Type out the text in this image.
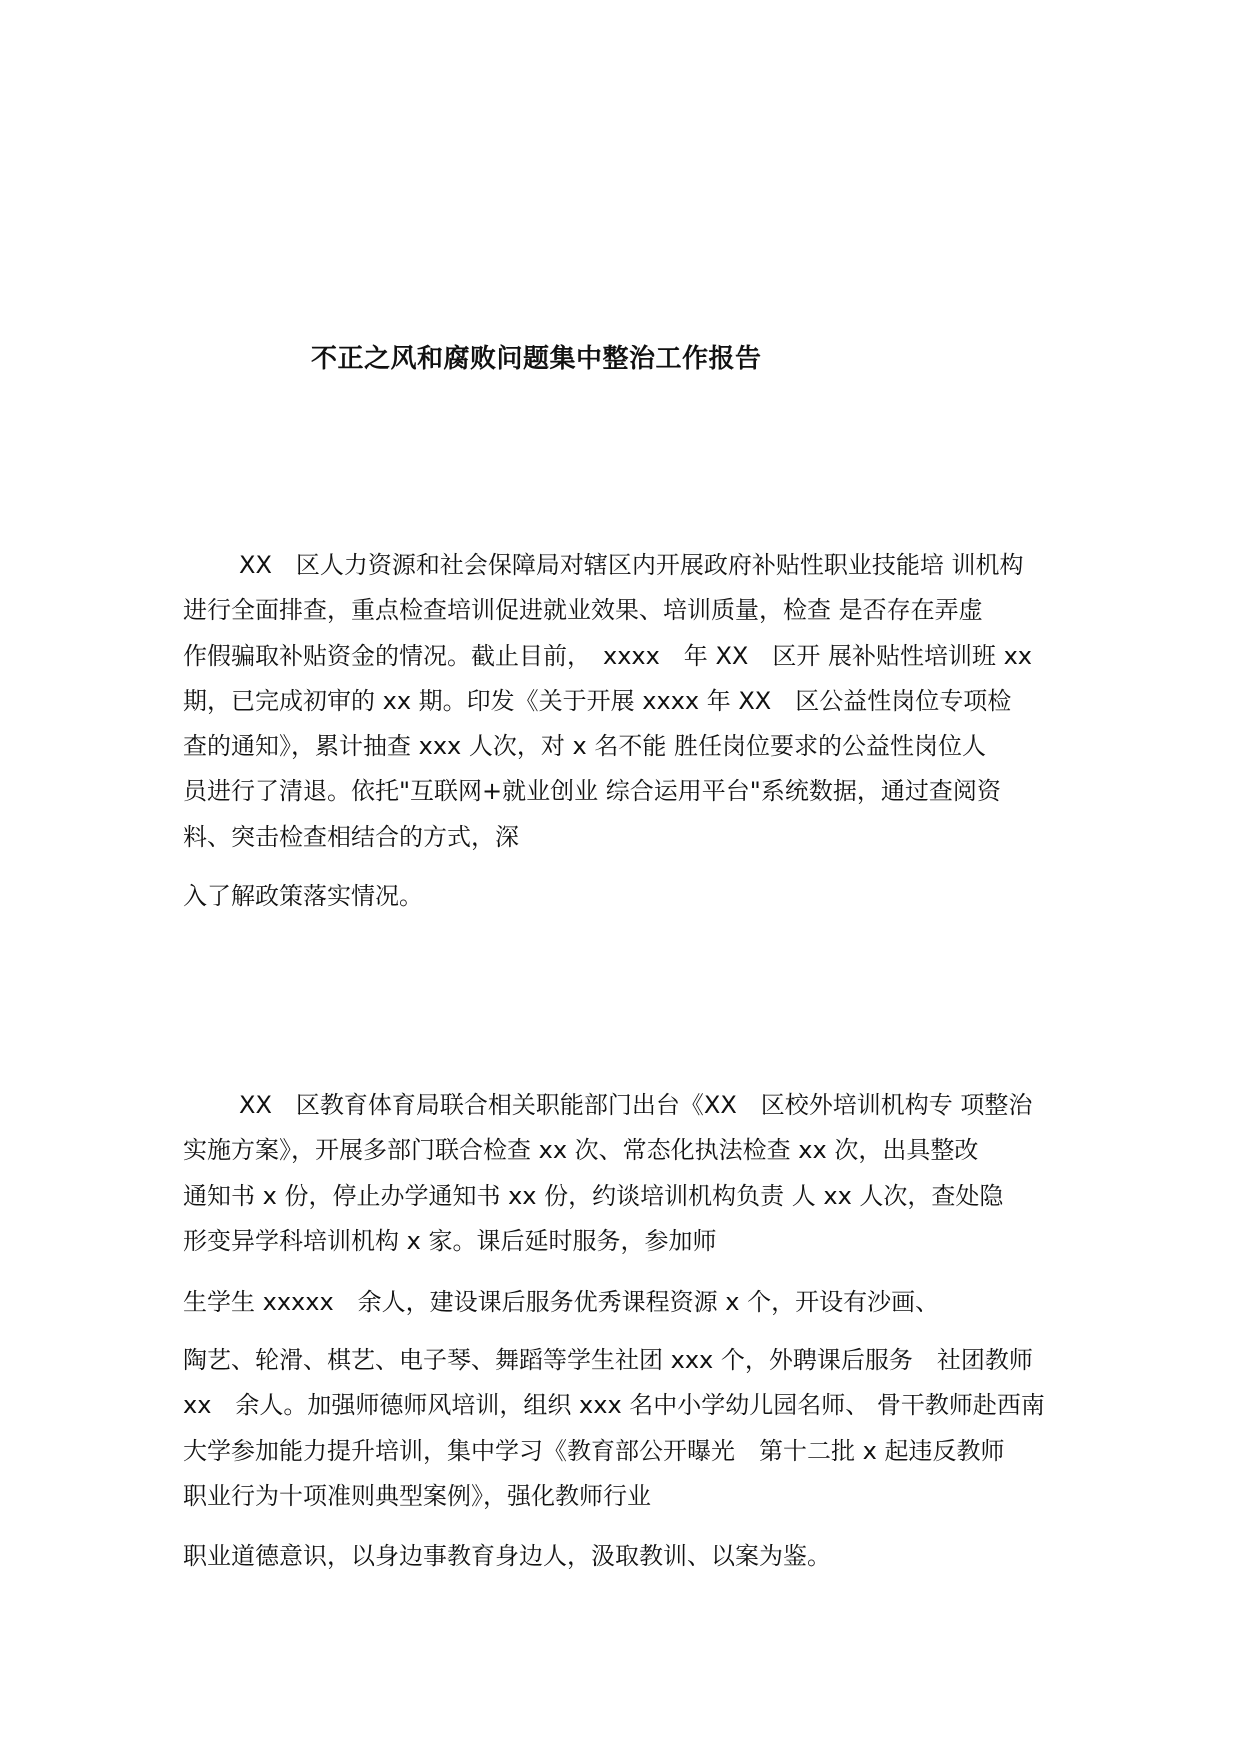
不正之风和腐败问题集中整治工作报告
XX　区人力资源和社会保障局对辖区内开展政府补贴性职业技能培 训机构
进行全面排查，重点检查培训促进就业效果、培训质量，检查 是否存在弄虚
作假骗取补贴资金的情况。截止目前，　xxxx　年 XX　区开 展补贴性培训班 xx
期，已完成初审的 xx 期。印发《关于开展 xxxx 年 XX　区公益性岗位专项检
查的通知》，累计抽查 xxx 人次，对 x 名不能 胜任岗位要求的公益性岗位人
员进行了清退。依托"互联网+就业创业 综合运用平台"系统数据，通过查阅资
料、突击检查相结合的方式，深

入了解政策落实情况。

XX　区教育体育局联合相关职能部门出台《XX　区校外培训机构专 项整治
实施方案》，开展多部门联合检查 xx 次、常态化执法检查 xx 次，出具整改
通知书 x 份，停止办学通知书 xx 份，约谈培训机构负责 人 xx 人次，查处隐
形变异学科培训机构 x 家。课后延时服务，参加师

生学生 xxxxx　余人，建设课后服务优秀课程资源 x 个，开设有沙画、

陶艺、轮滑、棋艺、电子琴、舞蹈等学生社团 xxx 个，外聘课后服务　社团教师
xx　余人。加强师德师风培训，组织 xxx 名中小学幼儿园名师、 骨干教师赴西南
大学参加能力提升培训，集中学习《教育部公开曝光　第十二批 x 起违反教师
职业行为十项准则典型案例》，强化教师行业

职业道德意识，以身边事教育身边人，汲取教训、以案为鉴。
